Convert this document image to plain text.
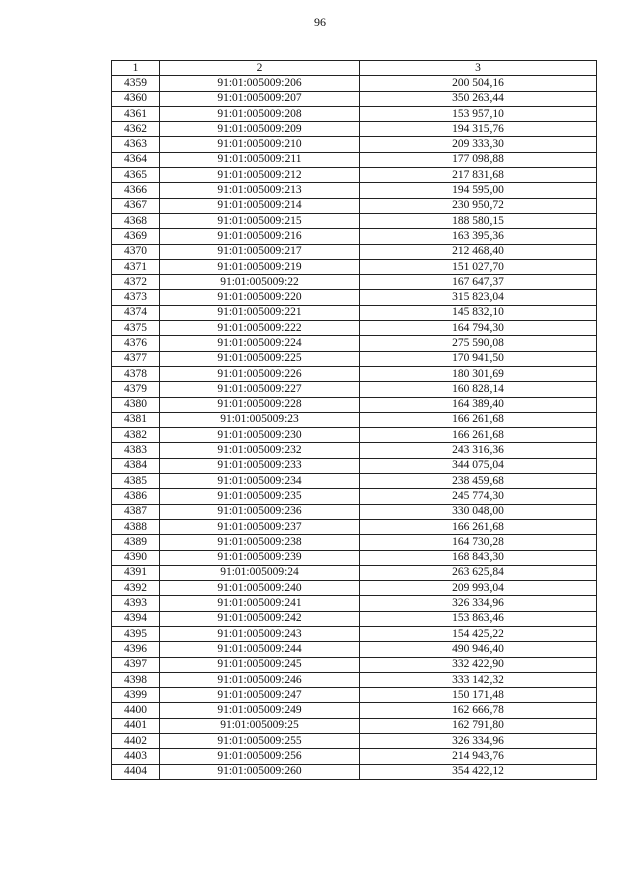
96
1	2	3
4359	91:01:005009:206	200 504,16
4360	91:01:005009:207	350 263,44
4361	91:01:005009:208	153 957,10
4362	91:01:005009:209	194 315,76
4363	91:01:005009:210	209 333,30
4364	91:01:005009:211	177 098,88
4365	91:01:005009:212	217 831,68
4366	91:01:005009:213	194 595,00
4367	91:01:005009:214	230 950,72
4368	91:01:005009:215	188 580,15
4369	91:01:005009:216	163 395,36
4370	91:01:005009:217	212 468,40
4371	91:01:005009:219	151 027,70
4372	91:01:005009:22	167 647,37
4373	91:01:005009:220	315 823,04
4374	91:01:005009:221	145 832,10
4375	91:01:005009:222	164 794,30
4376	91:01:005009:224	275 590,08
4377	91:01:005009:225	170 941,50
4378	91:01:005009:226	180 301,69
4379	91:01:005009:227	160 828,14
4380	91:01:005009:228	164 389,40
4381	91:01:005009:23	166 261,68
4382	91:01:005009:230	166 261,68
4383	91:01:005009:232	243 316,36
4384	91:01:005009:233	344 075,04
4385	91:01:005009:234	238 459,68
4386	91:01:005009:235	245 774,30
4387	91:01:005009:236	330 048,00
4388	91:01:005009:237	166 261,68
4389	91:01:005009:238	164 730,28
4390	91:01:005009:239	168 843,30
4391	91:01:005009:24	263 625,84
4392	91:01:005009:240	209 993,04
4393	91:01:005009:241	326 334,96
4394	91:01:005009:242	153 863,46
4395	91:01:005009:243	154 425,22
4396	91:01:005009:244	490 946,40
4397	91:01:005009:245	332 422,90
4398	91:01:005009:246	333 142,32
4399	91:01:005009:247	150 171,48
4400	91:01:005009:249	162 666,78
4401	91:01:005009:25	162 791,80
4402	91:01:005009:255	326 334,96
4403	91:01:005009:256	214 943,76
4404	91:01:005009:260	354 422,12
